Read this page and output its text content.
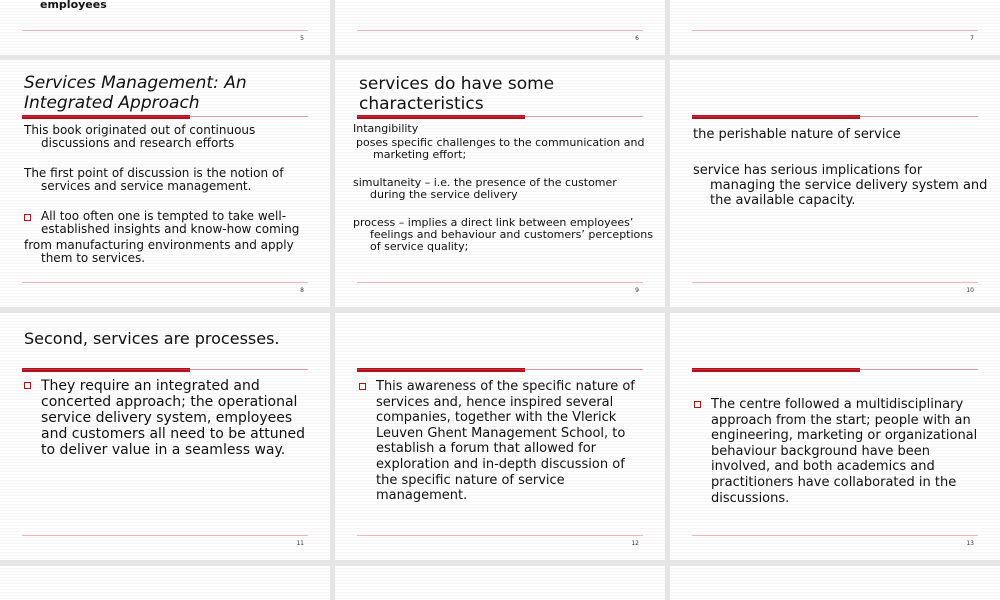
employees
5	6	7
Services Management: An Integrated Approach

This book originated out of continuous discussions and research efforts

The first point of discussion is the notion of services and service management.

All too often one is tempted to take well-established insights and know-how coming

from manufacturing environments and apply them to services.

8
services do have some characteristics

Intangibility

poses specific challenges to the communication and marketing effort;

simultaneity – i.e. the presence of the customer during the service delivery

process – implies a direct link between employees’ feelings and behaviour and customers’ perceptions of service quality;

9

the perishable nature of service

service has serious implications for managing the service delivery system and the available capacity.

10
Second, services are processes.
They require an integrated and concerted approach; the operational service delivery system, employees and customers all need to be attuned to deliver value in a seamless way.
11
This awareness of the specific nature of services and, hence inspired several companies, together with the Vlerick Leuven Ghent Management School, to establish a forum that allowed for exploration and in-depth discussion of the specific nature of service management.
12
The centre followed a multidisciplinary approach from the start; people with an engineering, marketing or organizational behaviour background have been involved, and both academics and practitioners have collaborated in the discussions.
13
